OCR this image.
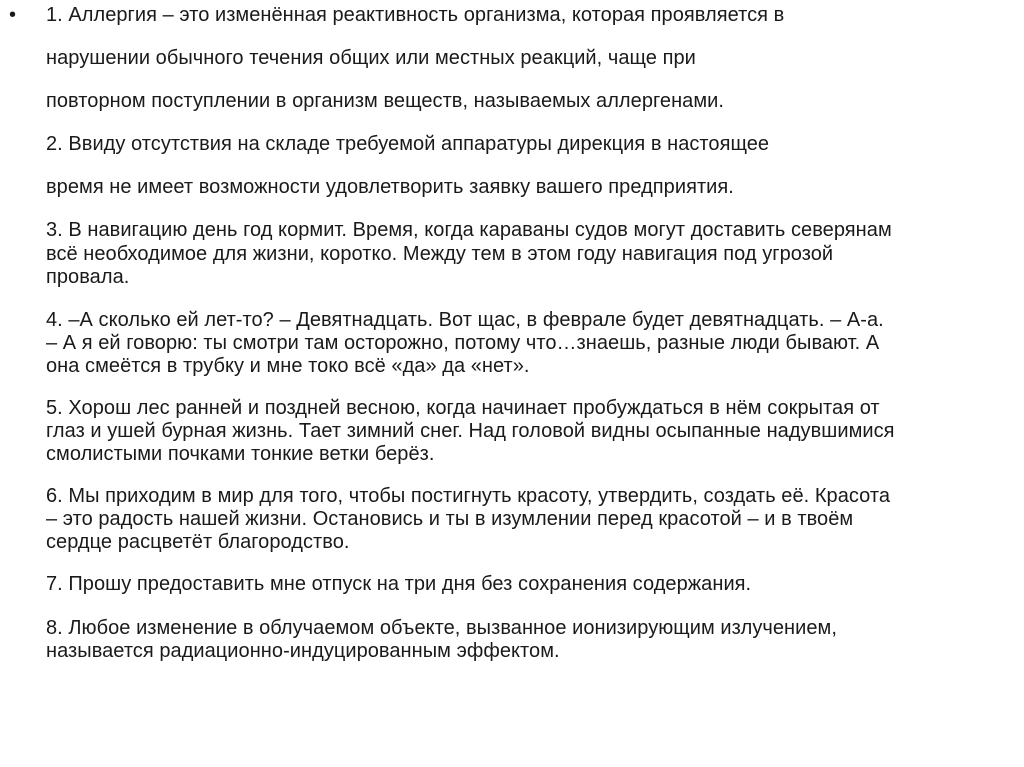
• 1. Аллергия – это изменённая реактивность организма, которая проявляется в
нарушении обычного течения общих или местных реакций, чаще при
повторном поступлении в организм веществ, называемых аллергенами.
2. Ввиду отсутствия на складе требуемой аппаратуры дирекция в настоящее
время не имеет возможности удовлетворить заявку вашего предприятия.
3. В навигацию день год кормит. Время, когда караваны судов могут доставить северянам
всё необходимое для жизни, коротко. Между тем в этом году навигация под угрозой
провала.
4. –А сколько ей лет-то? – Девятнадцать. Вот щас, в феврале будет девятнадцать. – А-а.
– А я ей говорю: ты смотри там осторожно, потому что…знаешь, разные люди бывают. А
она смеётся в трубку и мне токо всё «да» да «нет».
5. Хорош лес ранней и поздней весною, когда начинает пробуждаться в нём сокрытая от
глаз и ушей бурная жизнь. Тает зимний снег. Над головой видны осыпанные надувшимися
смолистыми почками тонкие ветки берёз.
6. Мы приходим в мир для того, чтобы постигнуть красоту, утвердить, создать её. Красота
– это радость нашей жизни. Остановись и ты в изумлении перед красотой – и в твоём
сердце расцветёт благородство.
7. Прошу предоставить мне отпуск на три дня без сохранения содержания.
8. Любое изменение в облучаемом объекте, вызванное ионизирующим излучением,
называется радиационно-индуцированным эффектом.
